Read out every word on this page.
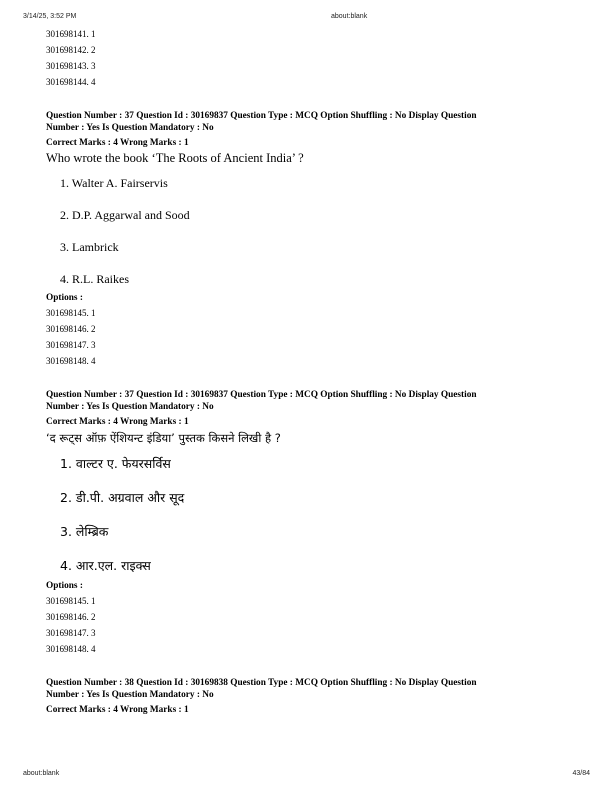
3/14/25, 3:52 PM	about:blank
301698141. 1
301698142. 2
301698143. 3
301698144. 4
Question Number : 37 Question Id : 30169837 Question Type : MCQ Option Shuffling : No Display Question
Number : Yes Is Question Mandatory : No
Correct Marks : 4 Wrong Marks : 1
Who wrote the book ‘The Roots of Ancient India’ ?
1. Walter A. Fairservis
2. D.P. Aggarwal and Sood
3. Lambrick
4. R.L. Raikes
Options :
301698145. 1
301698146. 2
301698147. 3
301698148. 4
Question Number : 37 Question Id : 30169837 Question Type : MCQ Option Shuffling : No Display Question
Number : Yes Is Question Mandatory : No
Correct Marks : 4 Wrong Marks : 1
‘द रूट्स ऑफ़ ऐंशियन्ट इंडिया’ पुस्तक किसने लिखी है ?
1. वाल्टर ए. फेयरसर्विस
2. डी.पी. अग्रवाल और सूद
3. लेम्ब्रिक
4. आर.एल. राइक्स
Options :
301698145. 1
301698146. 2
301698147. 3
301698148. 4
Question Number : 38 Question Id : 30169838 Question Type : MCQ Option Shuffling : No Display Question
Number : Yes Is Question Mandatory : No
Correct Marks : 4 Wrong Marks : 1
about:blank	43/84
